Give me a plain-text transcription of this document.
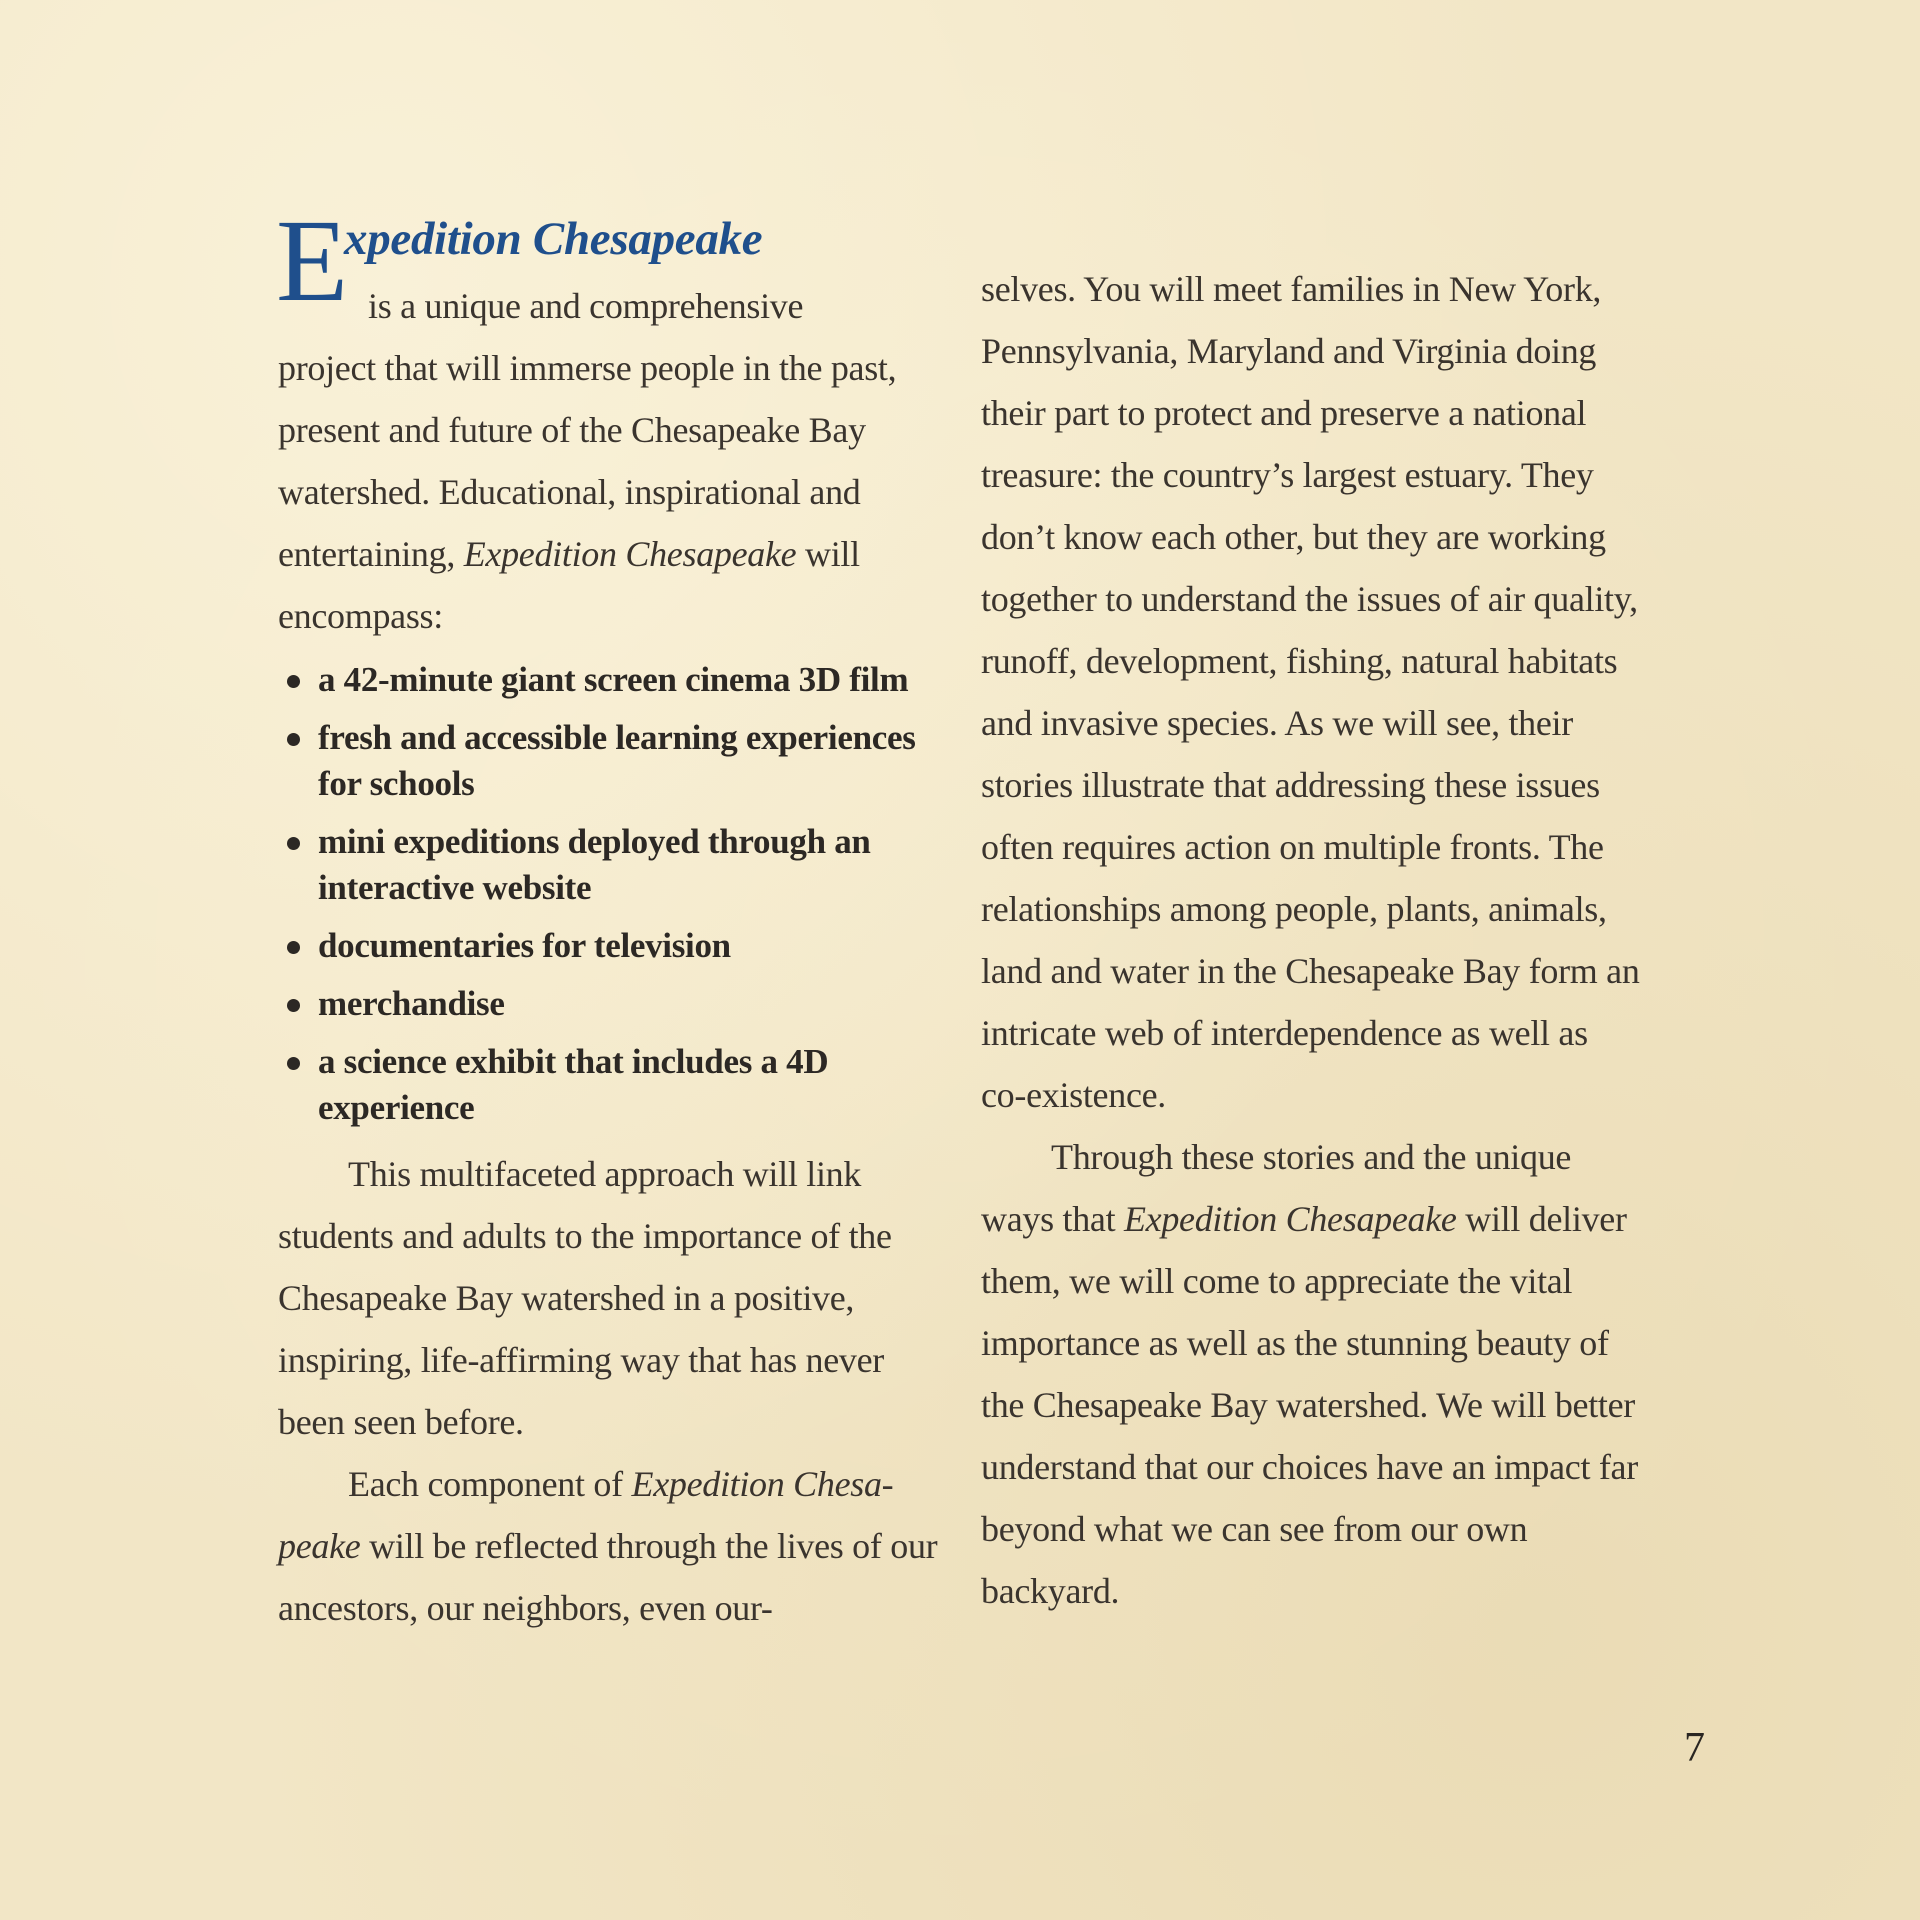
E
xpedition Chesapeake

is a unique and comprehensive
project that will immerse people in the past, present and future of the Chesapeake Bay watershed. Educational, inspirational and entertaining, Expedition Chesapeake will encompass:

a 42-minute giant screen cinema 3D film
fresh and accessible learning experiences for schools
mini expeditions deployed through an interactive website
documentaries for television
merchandise
a science exhibit that includes a 4D experience

This multifaceted approach will link students and adults to the importance of the Chesapeake Bay watershed in a positive, inspiring, life-affirming way that has never been seen before.

Each component of Expedition Chesa-peake will be reflected through the lives of our ancestors, our neighbors, even our-

selves. You will meet families in New York, Pennsylvania, Maryland and Virginia doing their part to protect and preserve a national treasure: the country’s largest estuary. They don’t know each other, but they are working together to understand the issues of air quality, runoff, development, fishing, natural habitats and invasive species. As we will see, their stories illustrate that addressing these issues often requires action on multiple fronts. The relationships among people, plants, animals, land and water in the Chesapeake Bay form an intricate web of interdependence as well as co-existence.

Through these stories and the unique ways that Expedition Chesapeake will deliver them, we will come to appreciate the vital importance as well as the stunning beauty of the Chesapeake Bay watershed. We will better understand that our choices have an impact far beyond what we can see from our own backyard.

7
